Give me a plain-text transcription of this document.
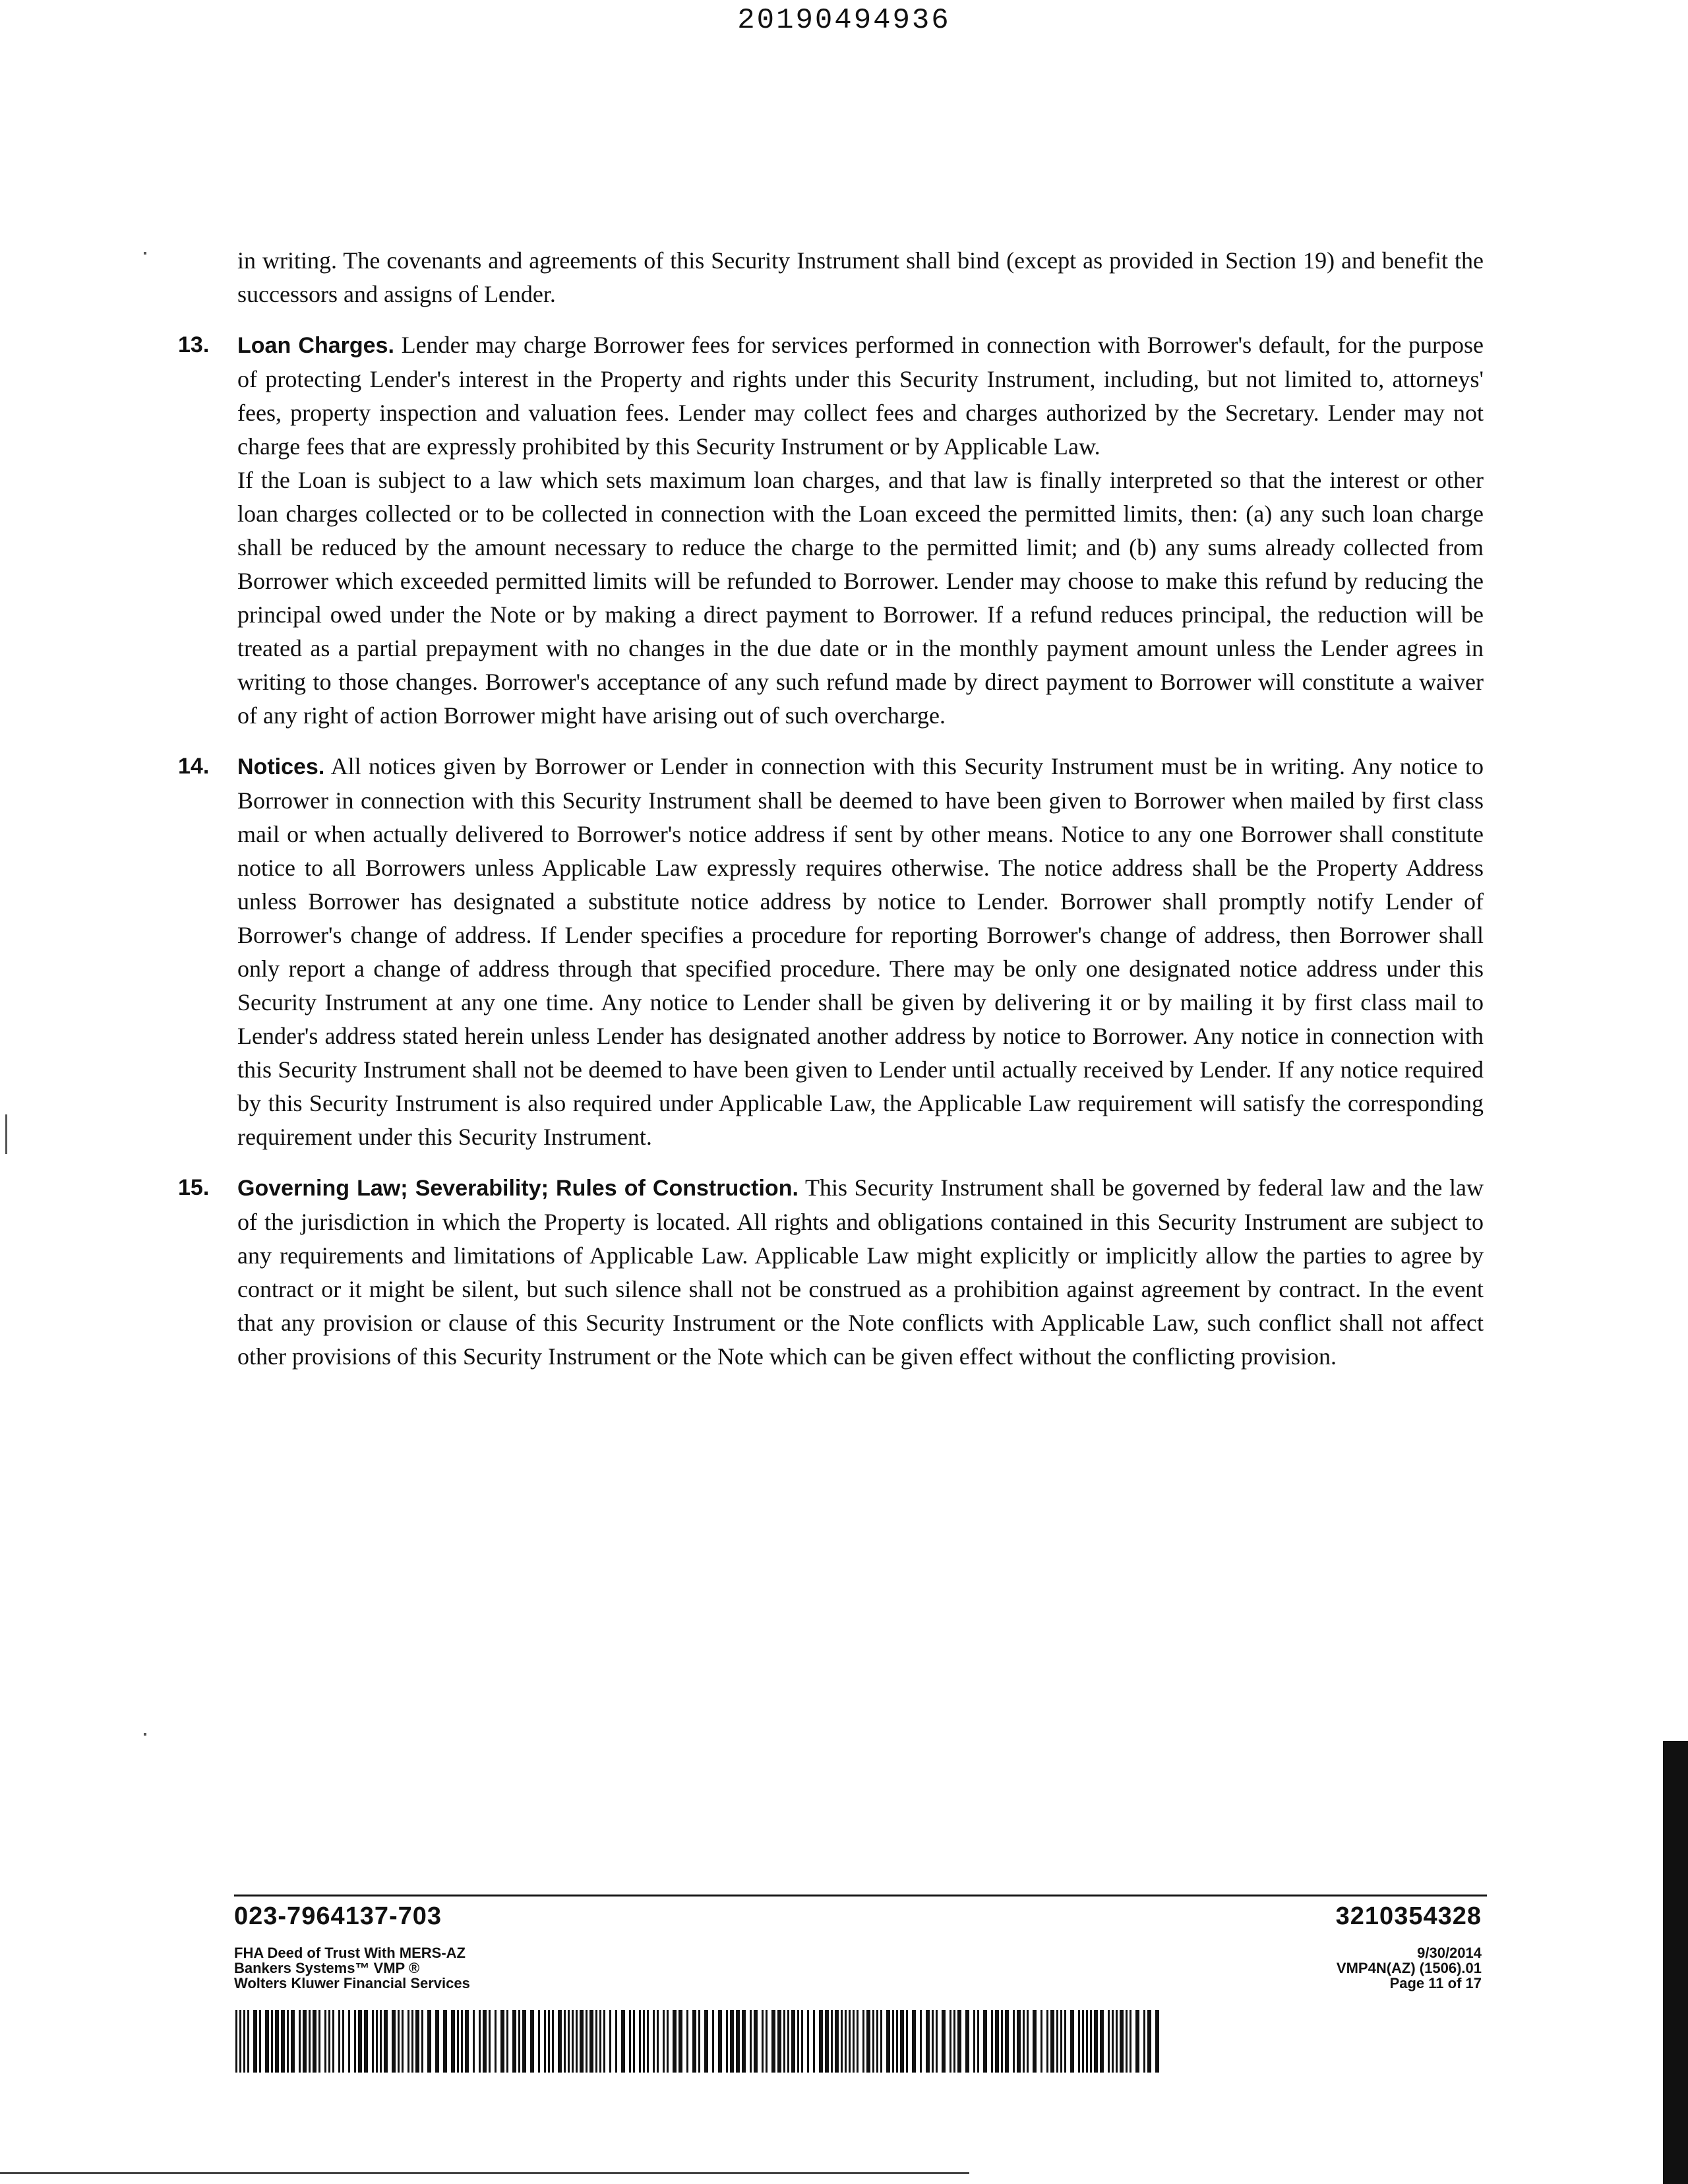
20190494936

in writing. The covenants and agreements of this Security Instrument shall bind (except as provided in Section 19) and benefit the successors and assigns of Lender.

13. Loan Charges. Lender may charge Borrower fees for services performed in connection with Borrower's default, for the purpose of protecting Lender's interest in the Property and rights under this Security Instrument, including, but not limited to, attorneys' fees, property inspection and valuation fees. Lender may collect fees and charges authorized by the Secretary. Lender may not charge fees that are expressly prohibited by this Security Instrument or by Applicable Law.

If the Loan is subject to a law which sets maximum loan charges, and that law is finally interpreted so that the interest or other loan charges collected or to be collected in connection with the Loan exceed the permitted limits, then: (a) any such loan charge shall be reduced by the amount necessary to reduce the charge to the permitted limit; and (b) any sums already collected from Borrower which exceeded permitted limits will be refunded to Borrower. Lender may choose to make this refund by reducing the principal owed under the Note or by making a direct payment to Borrower. If a refund reduces principal, the reduction will be treated as a partial prepayment with no changes in the due date or in the monthly payment amount unless the Lender agrees in writing to those changes. Borrower's acceptance of any such refund made by direct payment to Borrower will constitute a waiver of any right of action Borrower might have arising out of such overcharge.

14. Notices. All notices given by Borrower or Lender in connection with this Security Instrument must be in writing. Any notice to Borrower in connection with this Security Instrument shall be deemed to have been given to Borrower when mailed by first class mail or when actually delivered to Borrower's notice address if sent by other means. Notice to any one Borrower shall constitute notice to all Borrowers unless Applicable Law expressly requires otherwise. The notice address shall be the Property Address unless Borrower has designated a substitute notice address by notice to Lender. Borrower shall promptly notify Lender of Borrower's change of address. If Lender specifies a procedure for reporting Borrower's change of address, then Borrower shall only report a change of address through that specified procedure. There may be only one designated notice address under this Security Instrument at any one time. Any notice to Lender shall be given by delivering it or by mailing it by first class mail to Lender's address stated herein unless Lender has designated another address by notice to Borrower. Any notice in connection with this Security Instrument shall not be deemed to have been given to Lender until actually received by Lender. If any notice required by this Security Instrument is also required under Applicable Law, the Applicable Law requirement will satisfy the corresponding requirement under this Security Instrument.

15. Governing Law; Severability; Rules of Construction. This Security Instrument shall be governed by federal law and the law of the jurisdiction in which the Property is located. All rights and obligations contained in this Security Instrument are subject to any requirements and limitations of Applicable Law. Applicable Law might explicitly or implicitly allow the parties to agree by contract or it might be silent, but such silence shall not be construed as a prohibition against agreement by contract. In the event that any provision or clause of this Security Instrument or the Note conflicts with Applicable Law, such conflict shall not affect other provisions of this Security Instrument or the Note which can be given effect without the conflicting provision.

023-7964137-703	3210354328
FHA Deed of Trust With MERS-AZ
Bankers Systems™ VMP ®
Wolters Kluwer Financial Services
9/30/2014
VMP4N(AZ) (1506).01
Page 11 of 17
